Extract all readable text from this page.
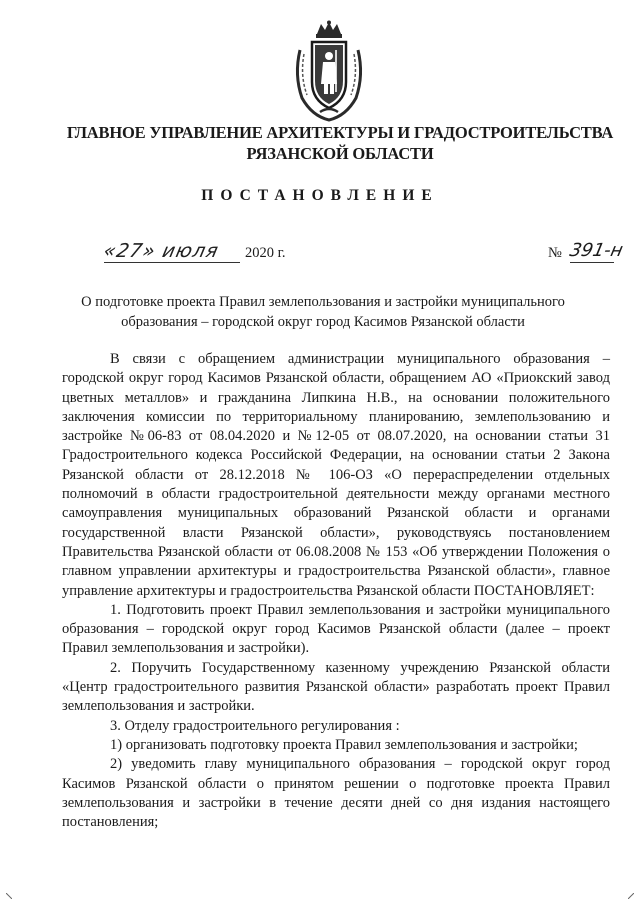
ГЛАВНОЕ УПРАВЛЕНИЕ АРХИТЕКТУРЫ И ГРАДОСТРОИТЕЛЬСТВА
РЯЗАНСКОЙ ОБЛАСТИ
ПОСТАНОВЛЕНИЕ
«27» июля 2020 г.	№ 391-н
О подготовке проекта Правил землепользования и застройки муниципального
образования – городской округ город Касимов Рязанской области

В связи с обращением администрации муниципального образования – городской округ город Касимов Рязанской области, обращением АО «Приокский завод цветных металлов» и гражданина Липкина Н.В., на основании положительного заключения комиссии по территориальному планированию, землепользованию и застройке №06-83 от 08.04.2020 и №12-05 от 08.07.2020, на основании статьи 31 Градостроительного кодекса Российской Федерации, на основании статьи 2 Закона Рязанской области от 28.12.2018 № 106-ОЗ «О перераспределении отдельных полномочий в области градостроительной деятельности между органами местного самоуправления муниципальных образований Рязанской области и органами государственной власти Рязанской области», руководствуясь постановлением Правительства Рязанской области от 06.08.2008 № 153 «Об утверждении Положения о главном управлении архитектуры и градостроительства Рязанской области», главное управление архитектуры и градостроительства Рязанской области ПОСТАНОВЛЯЕТ:

1. Подготовить проект Правил землепользования и застройки муниципального образования – городской округ город Касимов Рязанской области (далее – проект Правил землепользования и застройки).

2. Поручить Государственному казенному учреждению Рязанской области «Центр градостроительного развития Рязанской области» разработать проект Правил землепользования и застройки.

3. Отделу градостроительного регулирования :

1) организовать подготовку проекта Правил землепользования и застройки;

2) уведомить главу муниципального образования – городской округ город Касимов Рязанской области о принятом решении о подготовке проекта Правил землепользования и застройки в течение десяти дней со дня издания настоящего постановления;
